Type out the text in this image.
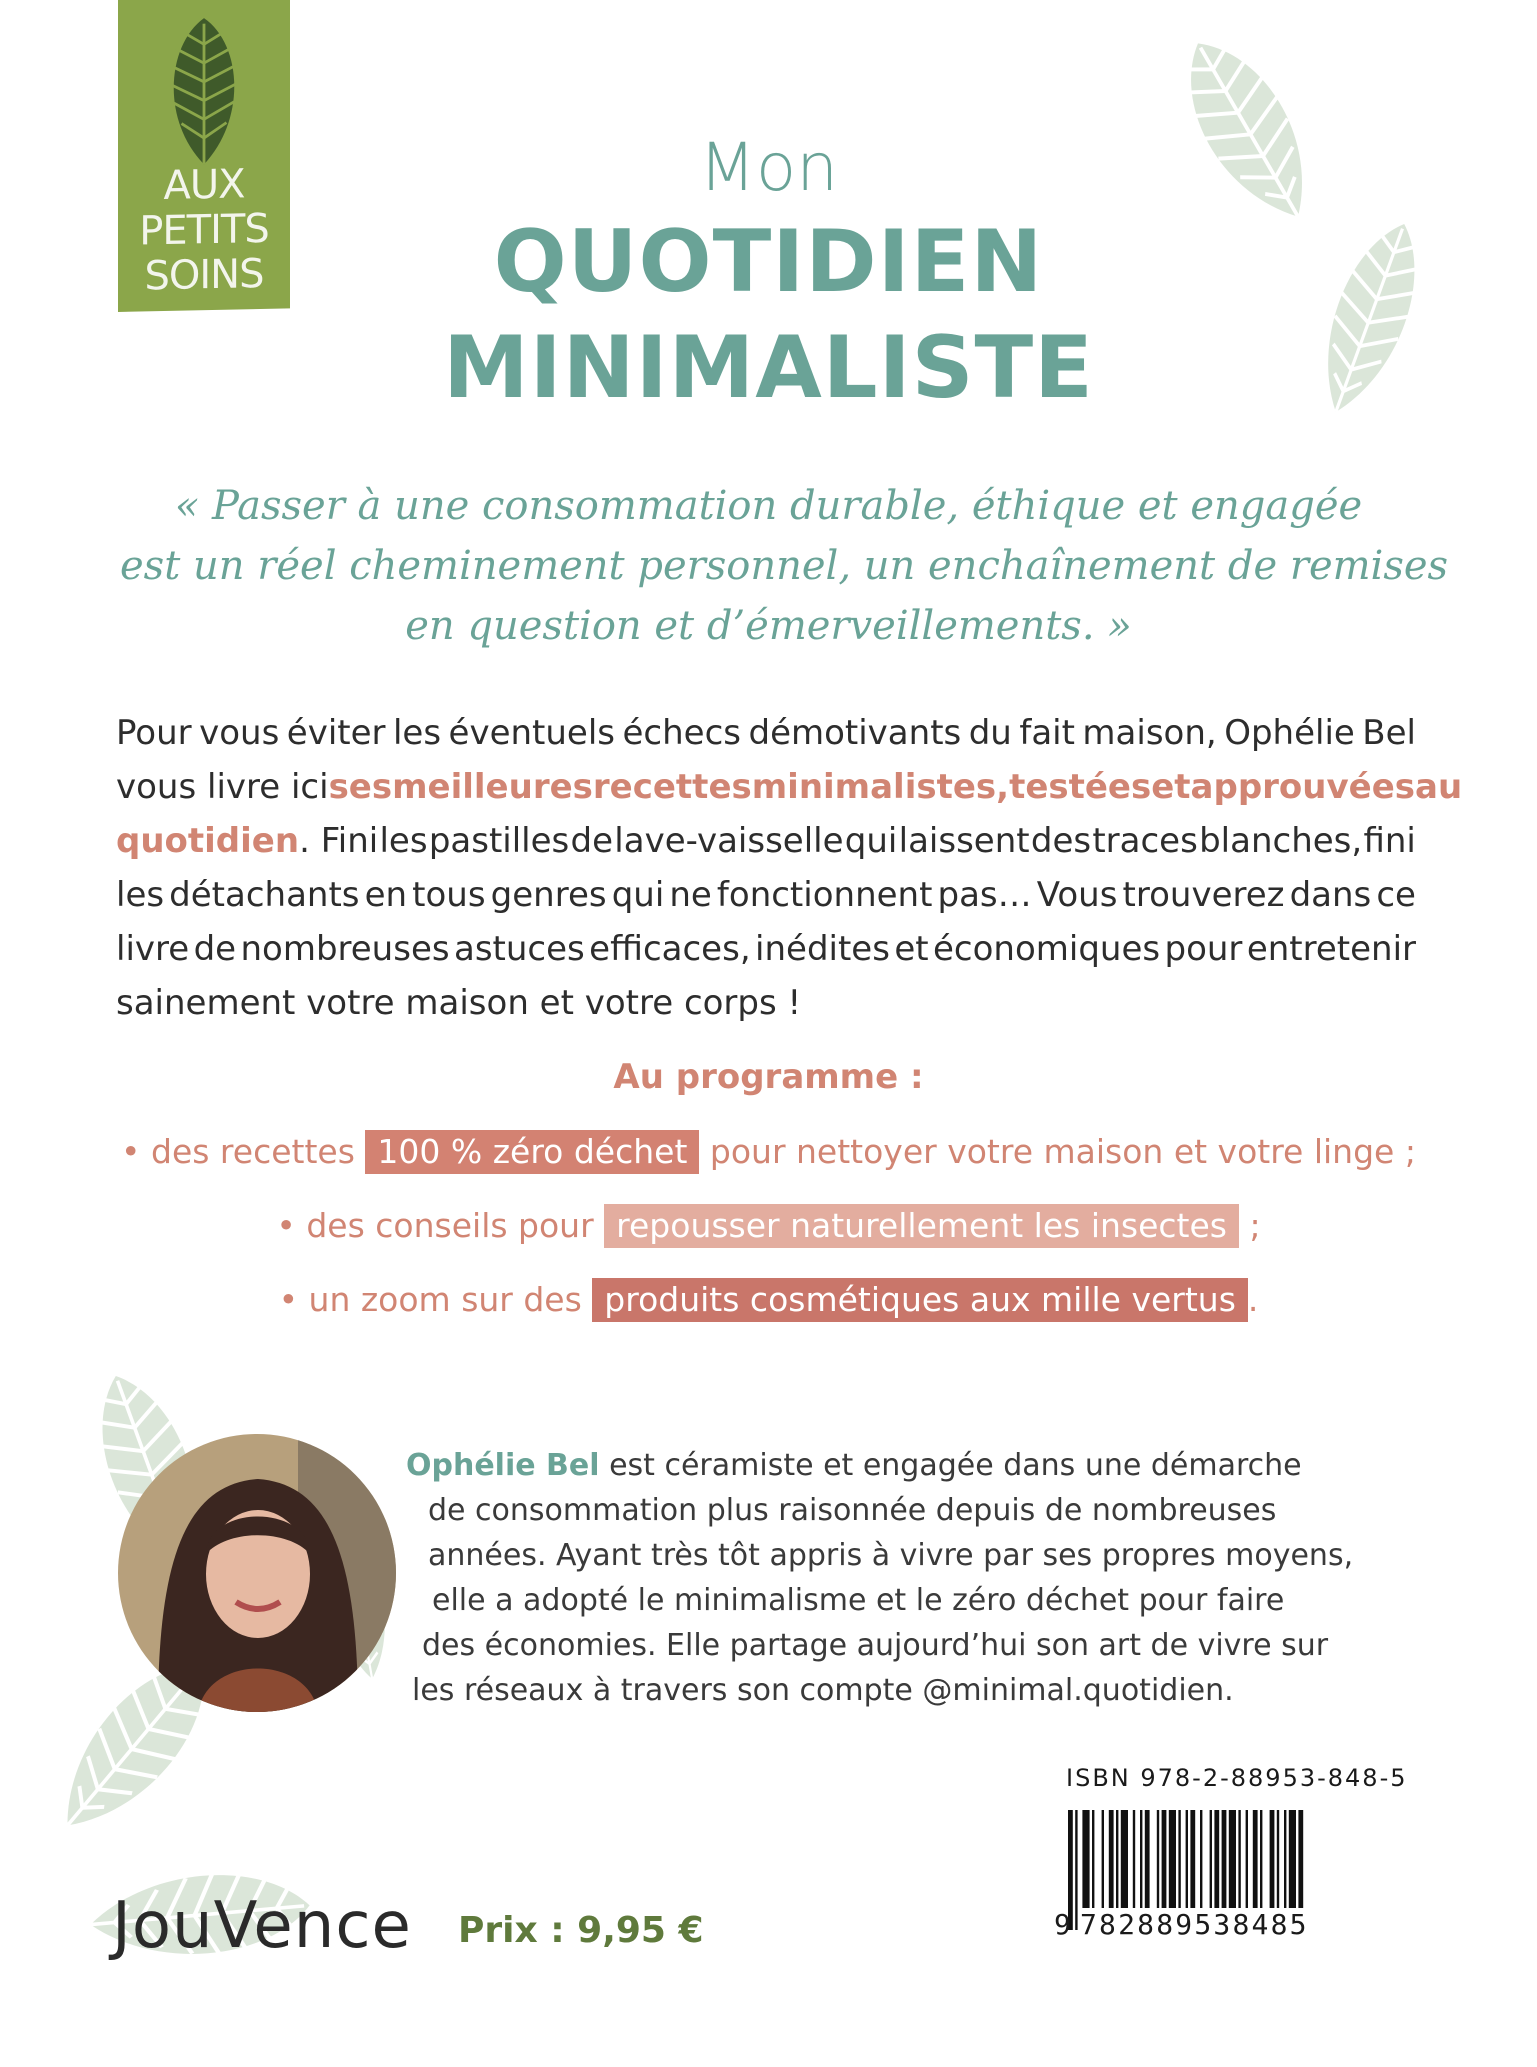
AUX
PETITS
SOINS
Mon
QUOTIDIEN
MINIMALISTE
« Passer à une consommation durable, éthique et engagée
est un réel cheminement personnel, un enchaînement de remises
en question et d’émerveillements. »
Pour vous éviter les éventuels échecs démotivants du fait maison, Ophélie Bel
vous livre ici ses meilleures recettes minimalistes, testées et approuvées au
quotidien. Fini les pastilles de lave-vaisselle qui laissent des traces blanches, fini
les détachants en tous genres qui ne fonctionnent pas… Vous trouverez dans ce
livre de nombreuses astuces efficaces, inédites et économiques pour entretenir
sainement votre maison et votre corps !
Au programme :
• des recettes 100 % zéro déchet pour nettoyer votre maison et votre linge ;
• des conseils pour repousser naturellement les insectes ;
• un zoom sur des produits cosmétiques aux mille vertus .
Ophélie Bel est céramiste et engagée dans une démarche
de consommation plus raisonnée depuis de nombreuses
années. Ayant très tôt appris à vivre par ses propres moyens,
elle a adopté le minimalisme et le zéro déchet pour faire
des économies. Elle partage aujourd’hui son art de vivre sur
les réseaux à travers son compte @minimal.quotidien.
ISBN 978-2-88953-848-5
9 782889538485
JouVence Prix : 9,95 €
